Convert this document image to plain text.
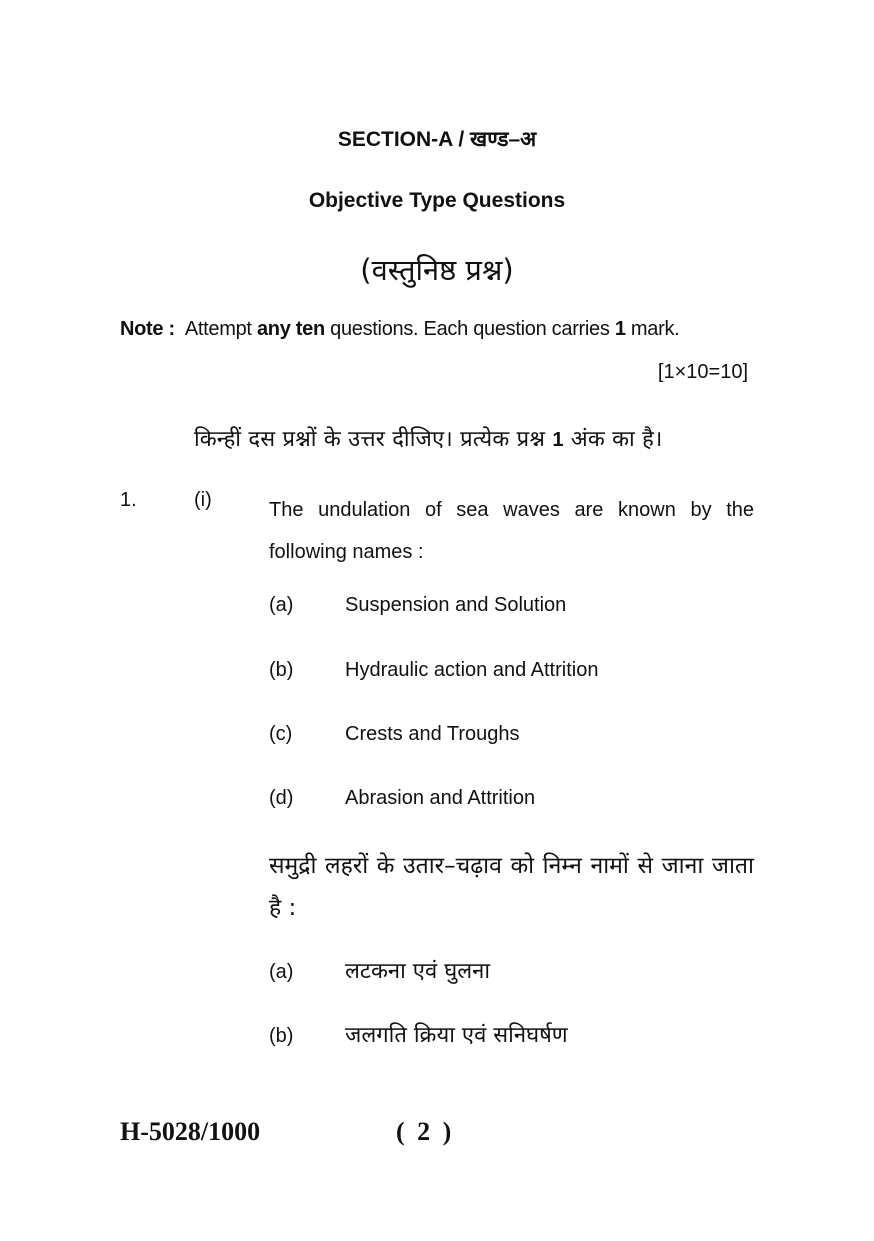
SECTION-A / खण्ड–अ
Objective Type Questions
(वस्तुनिष्ठ प्रश्न)
Note : Attempt any ten questions. Each question carries 1 mark.
[1×10=10]
किन्हीं दस प्रश्नों के उत्तर दीजिए। प्रत्येक प्रश्न 1 अंक का है।
1.	(i)	The undulation of sea waves are known by the following names :
(a)	Suspension and Solution
(b)	Hydraulic action and Attrition
(c)	Crests and Troughs
(d)	Abrasion and Attrition
समुद्री लहरों के उतार–चढ़ाव को निम्न नामों से जाना जाता है :
(a) लटकना एवं घुलना
(b) जलगति क्रिया एवं सनिघर्षण
H-5028/1000	( 2 )
